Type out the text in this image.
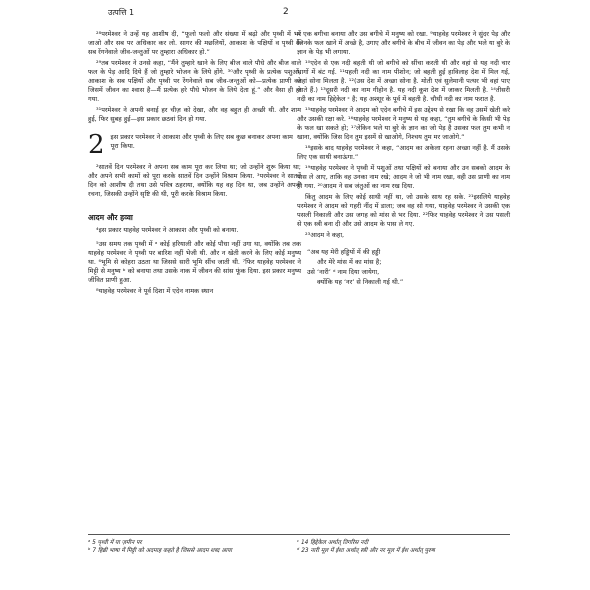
उत्पत्ति 1	2

²⁸परमेश्वर ने उन्हें यह आशीष दी, “फूलो फलो और संख्या में बढ़ो और पृथ्वी में भर जाओ और सब पर अधिकार कर लो. सागर की मछलियों, आकाश के पक्षियों व पृथ्वी के सब रेंगनेवाले जीव-जन्तुओं पर तुम्हारा अधिकार हो.”

²⁹तब परमेश्वर ने उनसे कहा, “मैंने तुम्हारे खाने के लिए बीज वाले पौधे और बीज वाले फल के पेड़ आदि दिये हैं जो तुम्हारे भोजन के लिये होंगे. ³⁰और पृथ्वी के प्रत्येक पशुओं, आकाश के सब पक्षियों और पृथ्वी पर रेंगनेवाले सब जीव-जन्तुओं को—प्रत्येक प्राणी को जिसमें जीवन का श्वास है—मैं प्रत्येक हरे पौधे भोजन के लिये देता हूं.” और वैसा ही हो गया.

³¹परमेश्वर ने अपनी बनाई हर चीज़ को देखा, और वह बहुत ही अच्छी थी. और शाम हुई, फिर सुबह हुई—इस प्रकार छठवां दिन हो गया.

2 इस प्रकार परमेश्वर ने आकाश और पृथ्वी के लिए सब कुछ बनाकर अपना काम पूरा किया.

²सातवें दिन परमेश्वर ने अपना सब काम पूरा कर लिया था; जो उन्होंने शुरू किया था; और अपने सभी कामों को पूरा करके सातवें दिन उन्होंने विश्राम किया. ³परमेश्वर ने सातवें दिन को आशीष दी तथा उसे पवित्र ठहराया, क्योंकि यह वह दिन था, जब उन्होंने अपनी रचना, जिसकी उन्होंने सृष्टि की थी, पूरी करके विश्राम किया.

आदम और हव्वा

⁴इस प्रकार याहवेह परमेश्वर ने आकाश और पृथ्वी को बनाया.

⁵उस समय तक पृथ्वी में ᵃ कोई हरियाली और कोई पौधा नहीं उगा था, क्योंकि तब तक याहवेह परमेश्वर ने पृथ्वी पर बारिश नहीं भेजी थी. और न खेती करने के लिए कोई मनुष्य था. ⁶भूमि से कोहरा उठता था जिससे सारी भूमि सींच जाती थी. ⁷फिर याहवेह परमेश्वर ने मिट्टी से मनुष्य ᵇ को बनाया तथा उसके नाक में जीवन की सांस फूंक दिया. इस प्रकार मनुष्य जीवित प्राणी हुआ.

⁸याहवेह परमेश्वर ने पूर्व दिशा में एदेन नामक स्थान

में एक बगीचा बनाया और उस बगीचे में मनुष्य को रखा. ⁹याहवेह परमेश्वर ने सुंदर पेड़ और जिनके फल खाने में अच्छे है, उगाए और बगीचे के बीच में जीवन का पेड़ और भले या बुरे के ज्ञान के पेड़ भी लगाया.

¹⁰एदेन से एक नदी बहती थी जो बगीचे को सींचा करती थी और वहां से यह नदी चार भागों में बंट गई. ¹¹पहली नदी का नाम पीशोन; जो बहती हुई हाविलाह देश में मिल गई, जहां सोना मिलता है. ¹²(उस देश में अच्छा सोना है. मोती एवं सुलेमानी पत्थर भी वहां पाए जाते हैं.) ¹³दूसरी नदी का नाम गीहोन है. यह नदी कूश देश में जाकर मिलती है. ¹⁴तीसरी नदी का नाम हिद्देकेल ᶜ है; यह अश्शूर के पूर्व में बहती है. चौथी नदी का नाम फरात है.

¹⁵याहवेह परमेश्वर ने आदम को एदेन बगीचे में इस उद्देश्य से रखा कि वह उसमें खेती करे और उसकी रक्षा करे. ¹⁶याहवेह परमेश्वर ने मनुष्य से यह कहा, “तुम बगीचे के किसी भी पेड़ के फल खा सकते हो; ¹⁷लेकिन भले या बुरे के ज्ञान का जो पेड़ है उसका फल तुम कभी न खाना, क्योंकि जिस दिन तुम इसमें से खाओगे, निश्चय तुम मर जाओगे.”

¹⁸इसके बाद याहवेह परमेश्वर ने कहा, “आदम का अकेला रहना अच्छा नहीं है. मैं उसके लिए एक साथी बनाऊंगा.”

¹⁹याहवेह परमेश्वर ने पृथ्वी में पशुओं तथा पक्षियों को बनाया और उन सबको आदम के पास ले आए, ताकि वह उनका नाम रखे; आदम ने जो भी नाम रखा, वही उस प्राणी का नाम हो गया. ²⁰आदम ने सब जंतुओं का नाम रख दिया.

किंतु आदम के लिए कोई साथी नहीं था, जो उसके साथ रह सके. ²¹इसलिये याहवेह परमेश्वर ने आदम को गहरी नींद में डाला; जब वह सो गया, याहवेह परमेश्वर ने उसकी एक पसली निकाली और उस जगह को मांस से भर दिया. ²²फिर याहवेह परमेश्वर ने उस पसली से एक स्त्री बना दी और उसे आदम के पास ले गए.

²³आदम ने कहा,

“अब यह मेरी हड्डियों में की हड्डी
और मेरे मांस में का मांस है;
उसे ‘नारी’ ᵈ नाम दिया जायेगा,
क्योंकि यह ‘नर’ से निकाली गई थी.”
ᵃ 5 पृथ्वी में या ज़मीन पर
ᵇ 7 हिब्री भाषा में मिट्टी को अदमाह कहते है जिससे आदम शब्द आया
ᶜ 14 हिद्देकेल अर्थात् तिगरिस नदी
ᵈ 23 नारी मूल में ईशा अर्थात् स्त्री और नर मूल में ईश अर्थात् पुरुष
